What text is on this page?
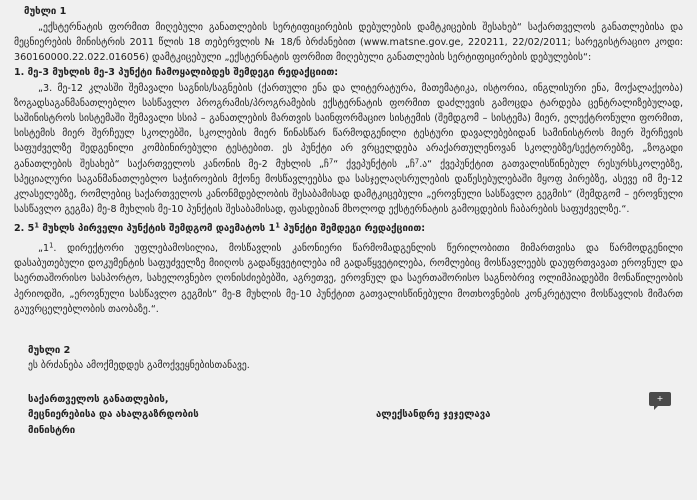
მუხლი 1

„ექსტერნატის ფორმით მიღებული განათლების სერტიფიცირების დებულების დამტკიცების შესახებ“ საქართველოს განათლებისა და მეცნიერების მინისტრის 2011 წლის 18 თებერვლის № 18/ნ ბრძანებით (www.matsne.gov.ge, 220211, 22/02/2011; სარეგისტრაციო კოდი: 360160000.22.022.016056) დამტკიცებული „ექსტერნატის ფორმით მიღებული განათლების სერტიფიცირების დებულების“:

1. მე-3 მუხლის მე-3 პუნქტი ჩამოყალიბდეს შემდეგი რედაქციით:

„3. მე-12 კლასში შემავალი საგნის/საგნების (ქართული ენა და ლიტერატურა, მათემატიკა, ისტორია, ინგლისური ენა, მოქალაქეობა) ზოგადსაგანმანათლებლო სასწავლო პროგრამის/პროგრამების ექსტერნატის ფორმით დაძლევის გამოცდა ტარდება ცენტრალიზებულად, საშინისტროს სისტემაში შემავალი სსიპ – განათლების მართვის საინფორმაციო სისტემის (შემდგომ – სისტემა) მიერ, ელექტრონული ფორმით, სისტემის მიერ შერჩეულ სკოლებში, სკოლების მიერ წინასწარ წარმოდგენილი ტესტური დავალებებიდან სამინისტროს მიერ შერჩევის საფუძველზე შედგენილი კომბინირებული ტესტებით. ეს პუნქტი არ ვრცელდება არაქართულენოვან სკოლებზე/სექტორებზე, „ზოგადი განათლების შესახებ“ საქართველოს კანონის მე-2 მუხლის „ჩ$^7$“ ქვეპუნქტის „ჩ$^7$.ა“ ქვეპუნქტით გათვალისწინებულ რესურსსკოლებზე, სპეციალური საგანმანათლებლო საჭიროების მქონე მოსწავლეებსა და სასჯელაღსრულების დაწესებულებაში მყოფ პირებზე, ასევე იმ მე-12 კლასელებზე, რომლებიც საქართველოს კანონმდებლობის შესაბამისად დამტკიცებული „ეროვნული სასწავლო გეგმის“ (შემდგომ – ეროვნული სასწავლო გეგმა) მე-8 მუხლის მე-10 პუნქტის შესაბამისად, ფასდებიან მხოლოდ ექსტერნატის გამოცდების ჩაბარების საფუძველზე.“.

2. $5^1$ მუხლს პირველი პუნქტის შემდგომ დაემატოს $1^1$ პუნქტი შემდეგი რედაქციით:

$„1^1$. დირექტორი უფლებამოსილია, მოსწავლის კანონიერი წარმომადგენლის წერილობითი მიმართვისა და წარმოდგენილი დასაბუთებული დოკუმენტის საფუძველზე მიიღოს გადაწყვეტილება იმ გადაწყვეტილება, რომლებიც მოსწავლეებს დაუფრთვავათ ეროვნულ და საერთაშორისო სასპორტო, სახელოვნებო ღონისძიებებში, აგრეთვე, ეროვნულ და საერთაშორისო საგნობრივ ოლიმპიადებში მონაწილეობის პერიოდში, „ეროვნული სასწავლო გეგმის“ მე-8 მუხლის მე-10 პუნქტით გათვალისწინებული მოთხოვნების კონკრეტული მოსწავლის მიმართ გაუვრცელებლობის თაობაზე.“.

+
მუხლი 2
ეს ბრძანება ამოქმედდეს გამოქვეყნებისთანავე.
საქართველოს განათლების,
მეცნიერებისა და ახალგაზრდობის
მინისტრი
ალექსანდრე ჯეჯელავა
